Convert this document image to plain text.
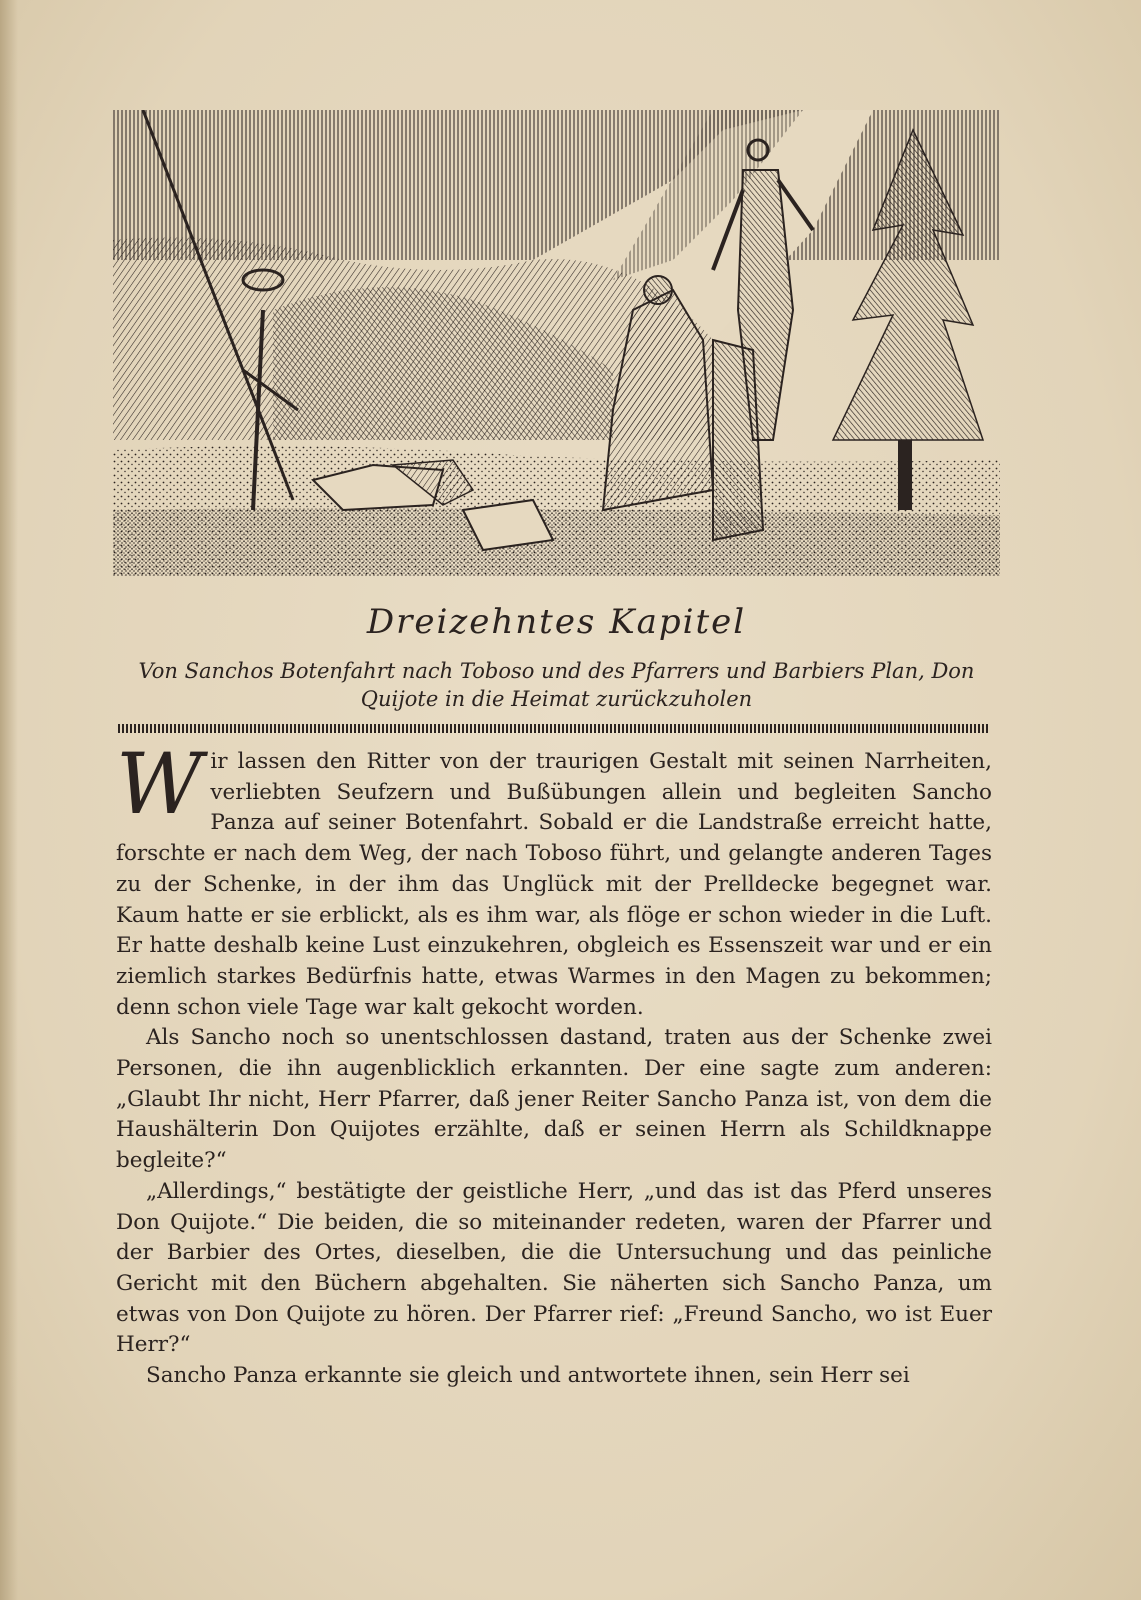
Dreizehntes Kapitel
Von Sanchos Botenfahrt nach Toboso und des Pfarrers und Barbiers Plan, Don Quijote in die Heimat zurückzuholen

Wir lassen den Ritter von der traurigen Gestalt mit seinen Narrheiten, verliebten Seufzern und Bußübungen allein und begleiten Sancho Panza auf seiner Botenfahrt. Sobald er die Landstraße erreicht hatte, forschte er nach dem Weg, der nach Toboso führt, und gelangte anderen Tages zu der Schenke, in der ihm das Unglück mit der Prelldecke begegnet war. Kaum hatte er sie erblickt, als es ihm war, als flöge er schon wieder in die Luft. Er hatte deshalb keine Lust einzukehren, obgleich es Essenszeit war und er ein ziemlich starkes Bedürfnis hatte, etwas Warmes in den Magen zu bekommen; denn schon viele Tage war kalt gekocht worden.

Als Sancho noch so unentschlossen dastand, traten aus der Schenke zwei Personen, die ihn augenblicklich erkannten. Der eine sagte zum anderen: „Glaubt Ihr nicht, Herr Pfarrer, daß jener Reiter Sancho Panza ist, von dem die Haushälterin Don Quijotes erzählte, daß er seinen Herrn als Schildknappe begleite?“

„Allerdings,“ bestätigte der geistliche Herr, „und das ist das Pferd unseres Don Quijote.“ Die beiden, die so miteinander redeten, waren der Pfarrer und der Barbier des Ortes, dieselben, die die Untersuchung und das peinliche Gericht mit den Büchern abgehalten. Sie näherten sich Sancho Panza, um etwas von Don Quijote zu hören. Der Pfarrer rief: „Freund Sancho, wo ist Euer Herr?“

Sancho Panza erkannte sie gleich und antwortete ihnen, sein Herr sei
